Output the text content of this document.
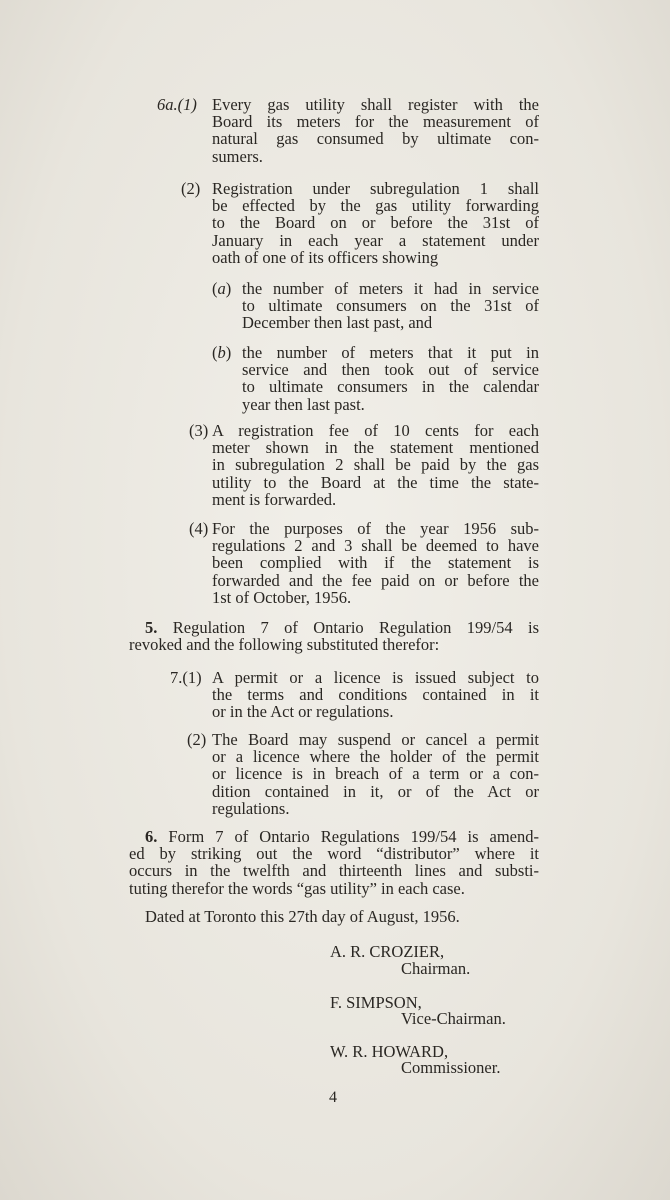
6a.(1) Every gas utility shall register with the
Board its meters for the measurement of
natural gas consumed by ultimate con-
sumers.
(2) Registration under subregulation 1 shall
be effected by the gas utility forwarding
to the Board on or before the 31st of
January in each year a statement under
oath of one of its officers showing
(a) the number of meters it had in service
to ultimate consumers on the 31st of
December then last past, and
(b) the number of meters that it put in
service and then took out of service
to ultimate consumers in the calendar
year then last past.
(3) A registration fee of 10 cents for each
meter shown in the statement mentioned
in subregulation 2 shall be paid by the gas
utility to the Board at the time the state-
ment is forwarded.
(4) For the purposes of the year 1956 sub-
regulations 2 and 3 shall be deemed to have
been complied with if the statement is
forwarded and the fee paid on or before the
1st of October, 1956.
5. Regulation 7 of Ontario Regulation 199/54 is
revoked and the following substituted therefor:
7.(1) A permit or a licence is issued subject to
the terms and conditions contained in it
or in the Act or regulations.
(2) The Board may suspend or cancel a permit
or a licence where the holder of the permit
or licence is in breach of a term or a con-
dition contained in it, or of the Act or
regulations.
6. Form 7 of Ontario Regulations 199/54 is amend-
ed by striking out the word “distributor” where it
occurs in the twelfth and thirteenth lines and substi-
tuting therefor the words “gas utility” in each case.
Dated at Toronto this 27th day of August, 1956.
A. R. CROZIER,
Chairman.
F. SIMPSON,
Vice-Chairman.
W. R. HOWARD,
Commissioner.
4
